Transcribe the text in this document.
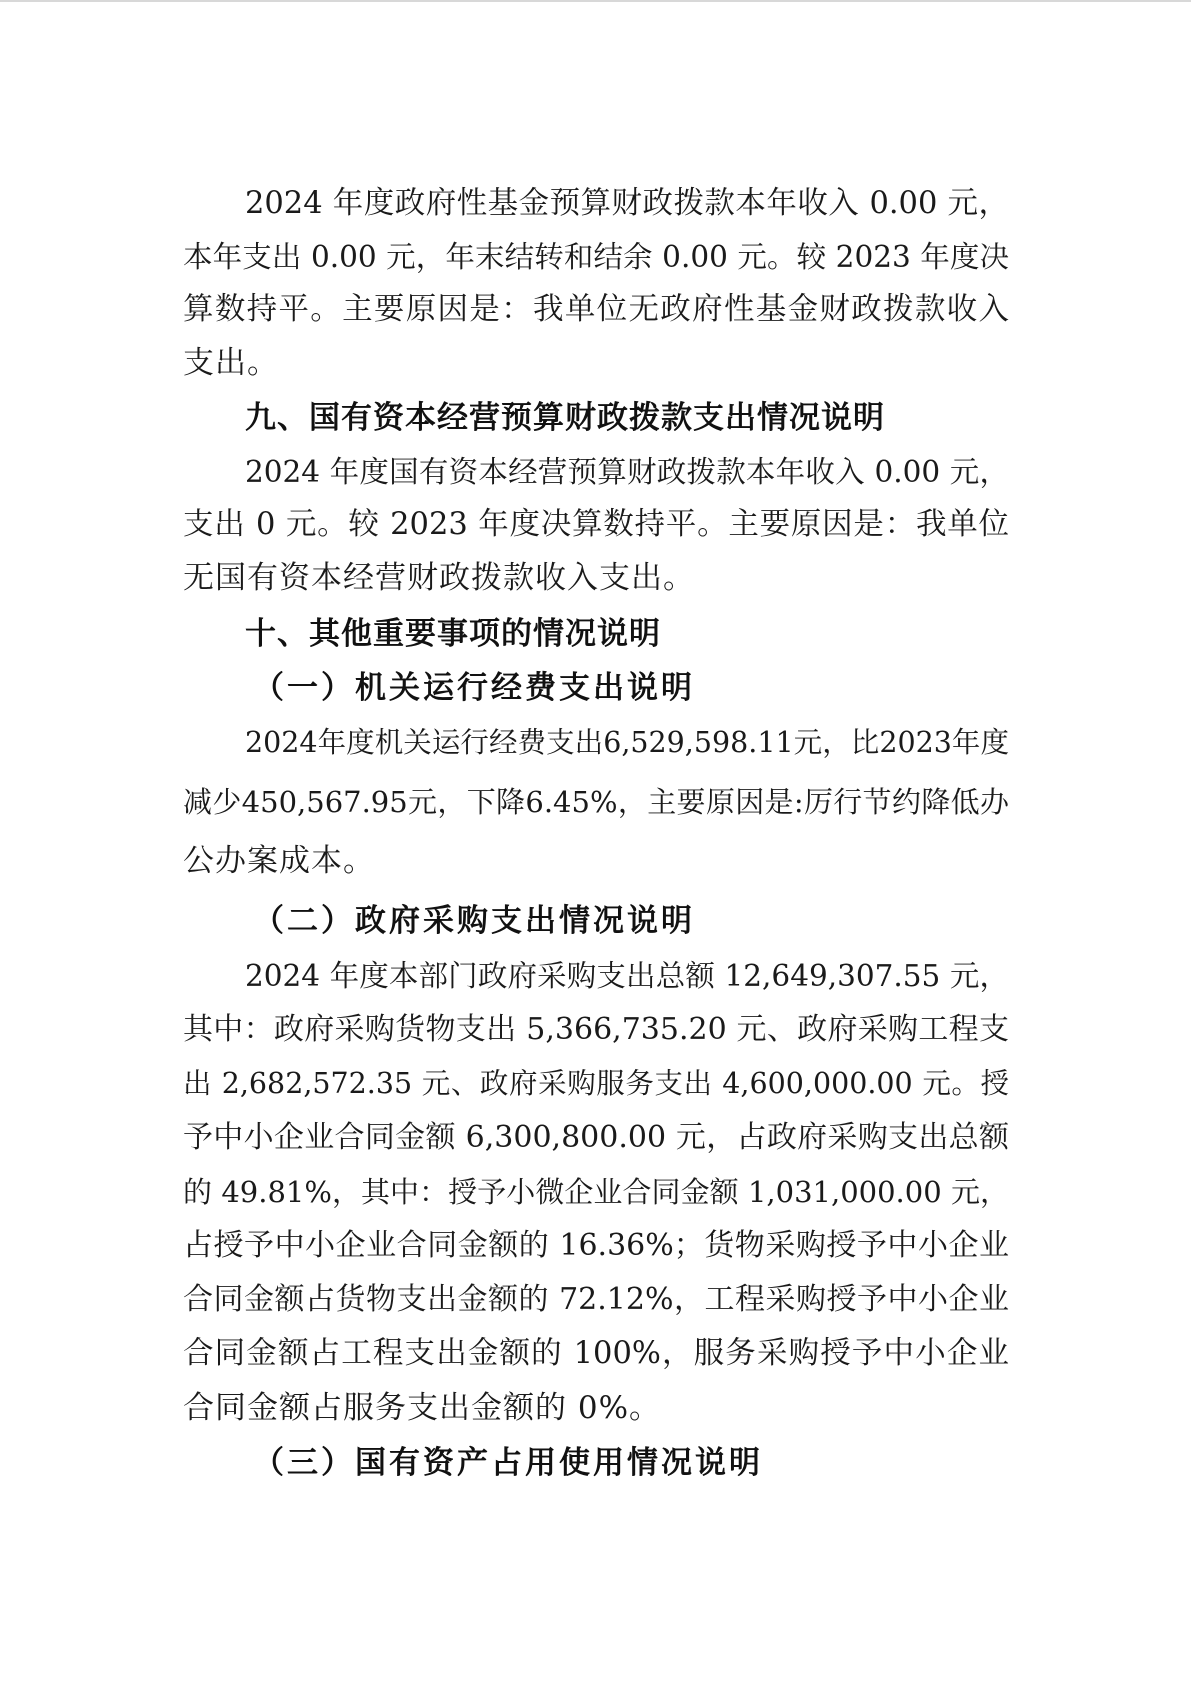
2024 年度政府性基金预算财政拨款本年收入 0.00 元，
本年支出 0.00 元，年末结转和结余 0.00 元。较 2023 年度决
算数持平。主要原因是：我单位无政府性基金财政拨款收入
支出。
九、国有资本经营预算财政拨款支出情况说明
2024 年度国有资本经营预算财政拨款本年收入 0.00 元，
支出 0 元。较 2023 年度决算数持平。主要原因是：我单位
无国有资本经营财政拨款收入支出。
十、其他重要事项的情况说明
（一）机关运行经费支出说明
2024年度机关运行经费支出6,529,598.11元，比2023年度
减少450,567.95元，下降6.45%，主要原因是:厉行节约降低办
公办案成本。
（二）政府采购支出情况说明
2024 年度本部门政府采购支出总额 12,649,307.55 元，
其中：政府采购货物支出 5,366,735.20 元、政府采购工程支
出 2,682,572.35 元、政府采购服务支出 4,600,000.00 元。授
予中小企业合同金额 6,300,800.00 元，占政府采购支出总额
的 49.81%，其中：授予小微企业合同金额 1,031,000.00 元，
占授予中小企业合同金额的 16.36%；货物采购授予中小企业
合同金额占货物支出金额的 72.12%，工程采购授予中小企业
合同金额占工程支出金额的 100%，服务采购授予中小企业
合同金额占服务支出金额的 0%。
（三）国有资产占用使用情况说明
